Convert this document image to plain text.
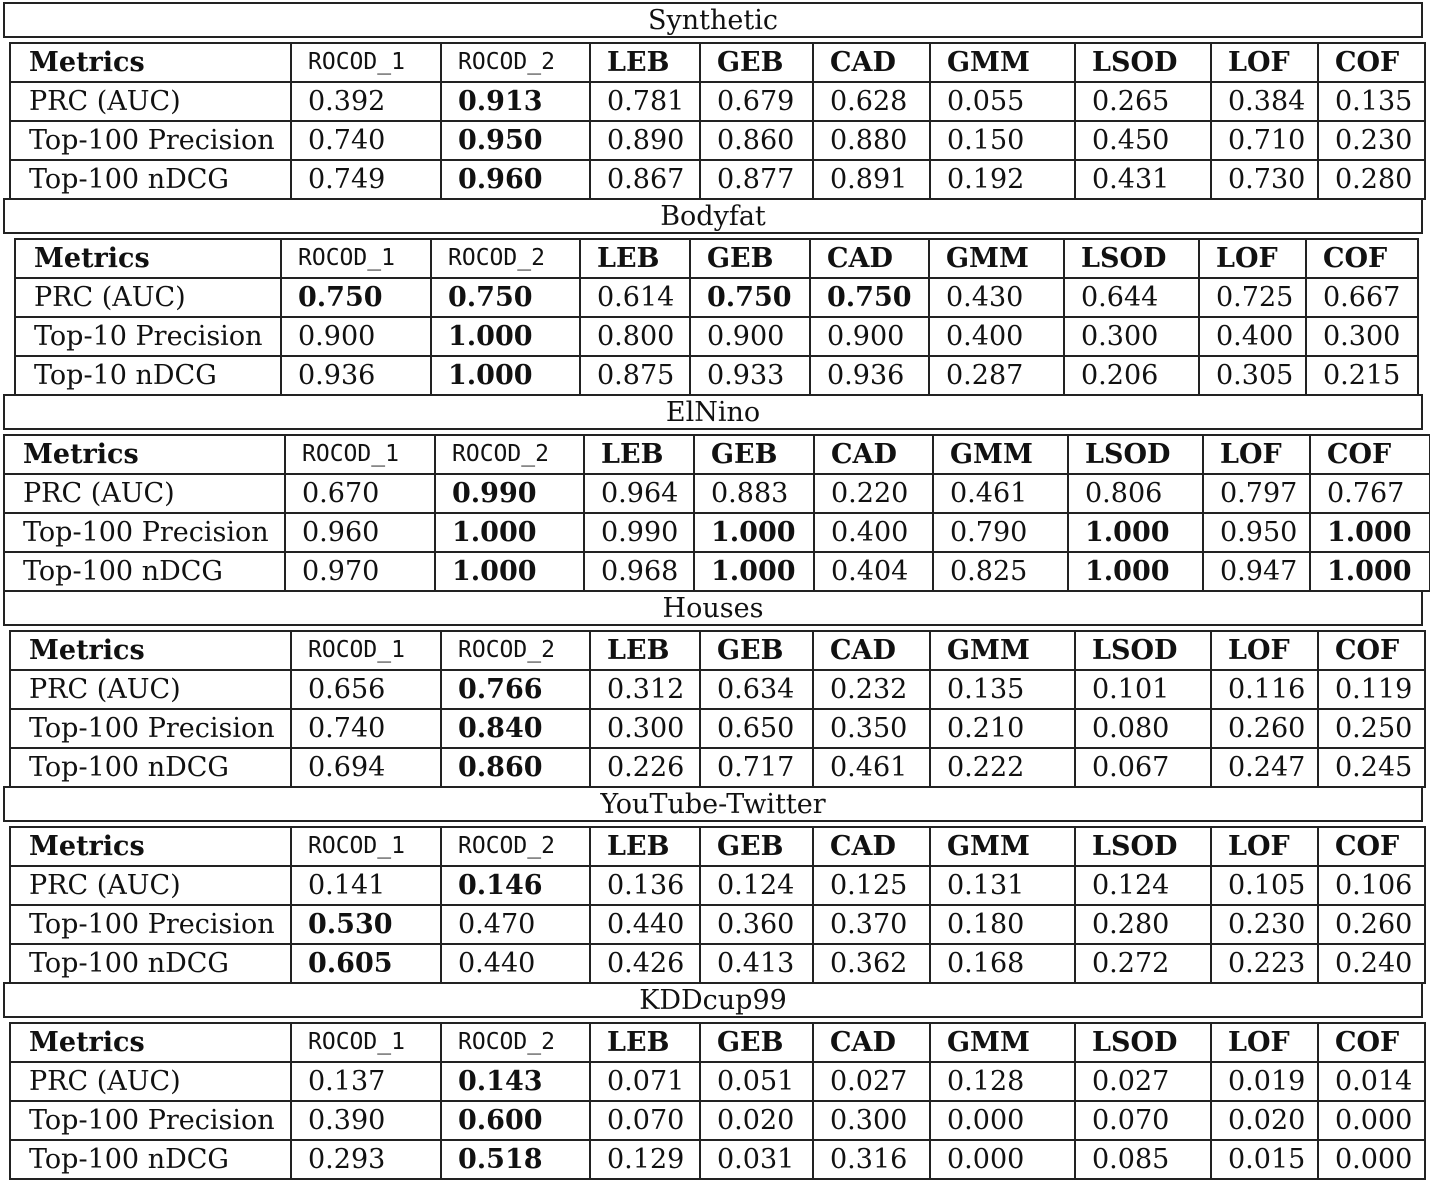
Synthetic
Metrics	ROCOD_1	ROCOD_2	LEB	GEB	CAD	GMM	LSOD	LOF	COF
PRC (AUC)	0.392	0.913	0.781	0.679	0.628	0.055	0.265	0.384	0.135
Top-100 Precision	0.740	0.950	0.890	0.860	0.880	0.150	0.450	0.710	0.230
Top-100 nDCG	0.749	0.960	0.867	0.877	0.891	0.192	0.431	0.730	0.280
Bodyfat
Metrics	ROCOD_1	ROCOD_2	LEB	GEB	CAD	GMM	LSOD	LOF	COF
PRC (AUC)	0.750	0.750	0.614	0.750	0.750	0.430	0.644	0.725	0.667
Top-10 Precision	0.900	1.000	0.800	0.900	0.900	0.400	0.300	0.400	0.300
Top-10 nDCG	0.936	1.000	0.875	0.933	0.936	0.287	0.206	0.305	0.215
ElNino
Metrics	ROCOD_1	ROCOD_2	LEB	GEB	CAD	GMM	LSOD	LOF	COF
PRC (AUC)	0.670	0.990	0.964	0.883	0.220	0.461	0.806	0.797	0.767
Top-100 Precision	0.960	1.000	0.990	1.000	0.400	0.790	1.000	0.950	1.000
Top-100 nDCG	0.970	1.000	0.968	1.000	0.404	0.825	1.000	0.947	1.000
Houses
Metrics	ROCOD_1	ROCOD_2	LEB	GEB	CAD	GMM	LSOD	LOF	COF
PRC (AUC)	0.656	0.766	0.312	0.634	0.232	0.135	0.101	0.116	0.119
Top-100 Precision	0.740	0.840	0.300	0.650	0.350	0.210	0.080	0.260	0.250
Top-100 nDCG	0.694	0.860	0.226	0.717	0.461	0.222	0.067	0.247	0.245
YouTube-Twitter
Metrics	ROCOD_1	ROCOD_2	LEB	GEB	CAD	GMM	LSOD	LOF	COF
PRC (AUC)	0.141	0.146	0.136	0.124	0.125	0.131	0.124	0.105	0.106
Top-100 Precision	0.530	0.470	0.440	0.360	0.370	0.180	0.280	0.230	0.260
Top-100 nDCG	0.605	0.440	0.426	0.413	0.362	0.168	0.272	0.223	0.240
KDDcup99
Metrics	ROCOD_1	ROCOD_2	LEB	GEB	CAD	GMM	LSOD	LOF	COF
PRC (AUC)	0.137	0.143	0.071	0.051	0.027	0.128	0.027	0.019	0.014
Top-100 Precision	0.390	0.600	0.070	0.020	0.300	0.000	0.070	0.020	0.000
Top-100 nDCG	0.293	0.518	0.129	0.031	0.316	0.000	0.085	0.015	0.000
